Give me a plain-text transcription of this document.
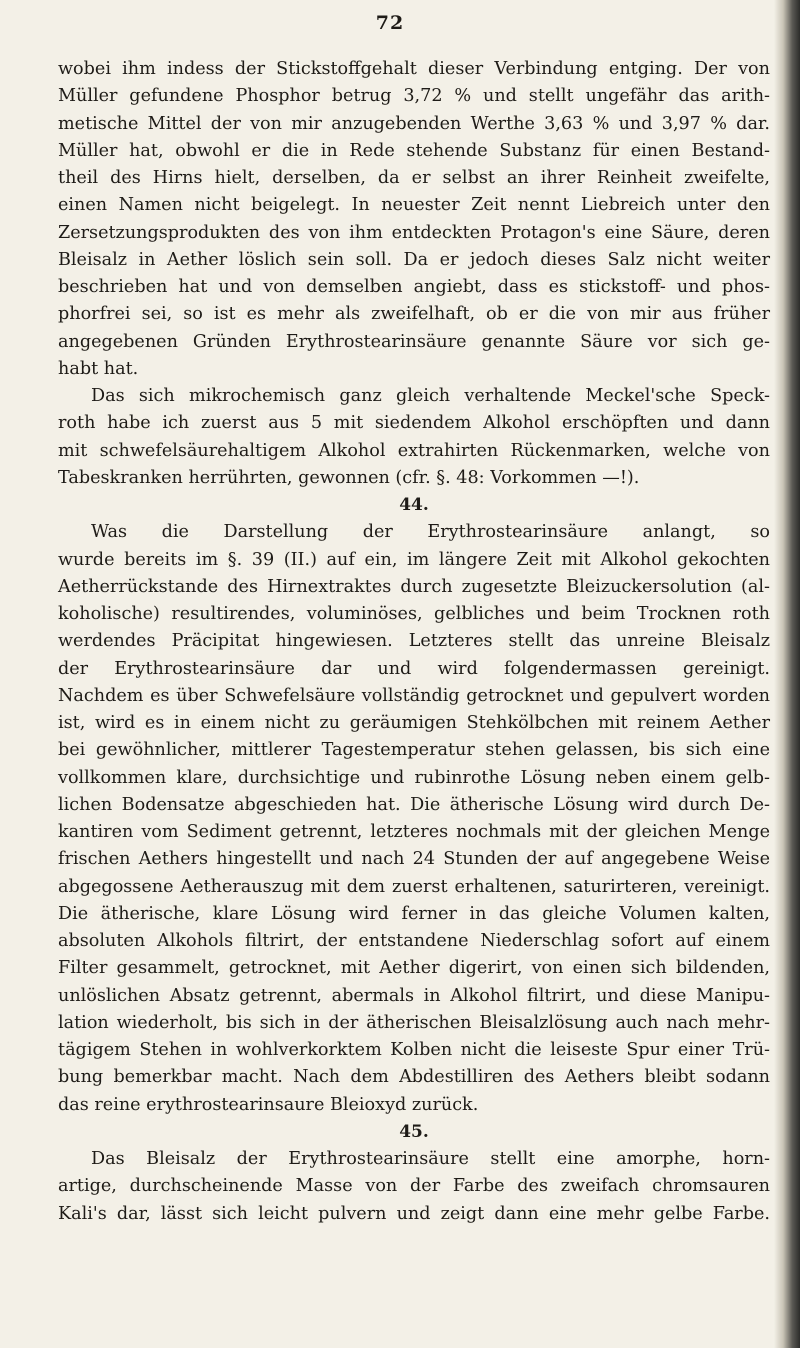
72
wobei ihm indess der Stickstoffgehalt dieser Verbindung entging. Der von
Müller gefundene Phosphor betrug 3,72 % und stellt ungefähr das arith-
metische Mittel der von mir anzugebenden Werthe 3,63 % und 3,97 % dar.
Müller hat, obwohl er die in Rede stehende Substanz für einen Bestand-
theil des Hirns hielt, derselben, da er selbst an ihrer Reinheit zweifelte,
einen Namen nicht beigelegt. In neuester Zeit nennt Liebreich unter den
Zersetzungsprodukten des von ihm entdeckten Protagon's eine Säure, deren
Bleisalz in Aether löslich sein soll. Da er jedoch dieses Salz nicht weiter
beschrieben hat und von demselben angiebt, dass es stickstoff- und phos-
phorfrei sei, so ist es mehr als zweifelhaft, ob er die von mir aus früher
angegebenen Gründen Erythrostearinsäure genannte Säure vor sich ge-
habt hat.
Das sich mikrochemisch ganz gleich verhaltende Meckel'sche Speck-
roth habe ich zuerst aus 5 mit siedendem Alkohol erschöpften und dann
mit schwefelsäurehaltigem Alkohol extrahirten Rückenmarken, welche von
Tabeskranken herrührten, gewonnen (cfr. §. 48: Vorkommen —!).
44.
Was die Darstellung der Erythrostearinsäure anlangt, so
wurde bereits im §. 39 (II.) auf ein, im längere Zeit mit Alkohol gekochten
Aetherrückstande des Hirnextraktes durch zugesetzte Bleizuckersolution (al-
koholische) resultirendes, voluminöses, gelbliches und beim Trocknen roth
werdendes Präcipitat hingewiesen. Letzteres stellt das unreine Bleisalz
der Erythrostearinsäure dar und wird folgendermassen gereinigt.
Nachdem es über Schwefelsäure vollständig getrocknet und gepulvert worden
ist, wird es in einem nicht zu geräumigen Stehkölbchen mit reinem Aether
bei gewöhnlicher, mittlerer Tagestemperatur stehen gelassen, bis sich eine
vollkommen klare, durchsichtige und rubinrothe Lösung neben einem gelb-
lichen Bodensatze abgeschieden hat. Die ätherische Lösung wird durch De-
kantiren vom Sediment getrennt, letzteres nochmals mit der gleichen Menge
frischen Aethers hingestellt und nach 24 Stunden der auf angegebene Weise
abgegossene Aetherauszug mit dem zuerst erhaltenen, saturirteren, vereinigt.
Die ätherische, klare Lösung wird ferner in das gleiche Volumen kalten,
absoluten Alkohols filtrirt, der entstandene Niederschlag sofort auf einem
Filter gesammelt, getrocknet, mit Aether digerirt, von einen sich bildenden,
unlöslichen Absatz getrennt, abermals in Alkohol filtrirt, und diese Manipu-
lation wiederholt, bis sich in der ätherischen Bleisalzlösung auch nach mehr-
tägigem Stehen in wohlverkorktem Kolben nicht die leiseste Spur einer Trü-
bung bemerkbar macht. Nach dem Abdestilliren des Aethers bleibt sodann
das reine erythrostearinsaure Bleioxyd zurück.
45.
Das Bleisalz der Erythrostearinsäure stellt eine amorphe, horn-
artige, durchscheinende Masse von der Farbe des zweifach chromsauren
Kali's dar, lässt sich leicht pulvern und zeigt dann eine mehr gelbe Farbe.
